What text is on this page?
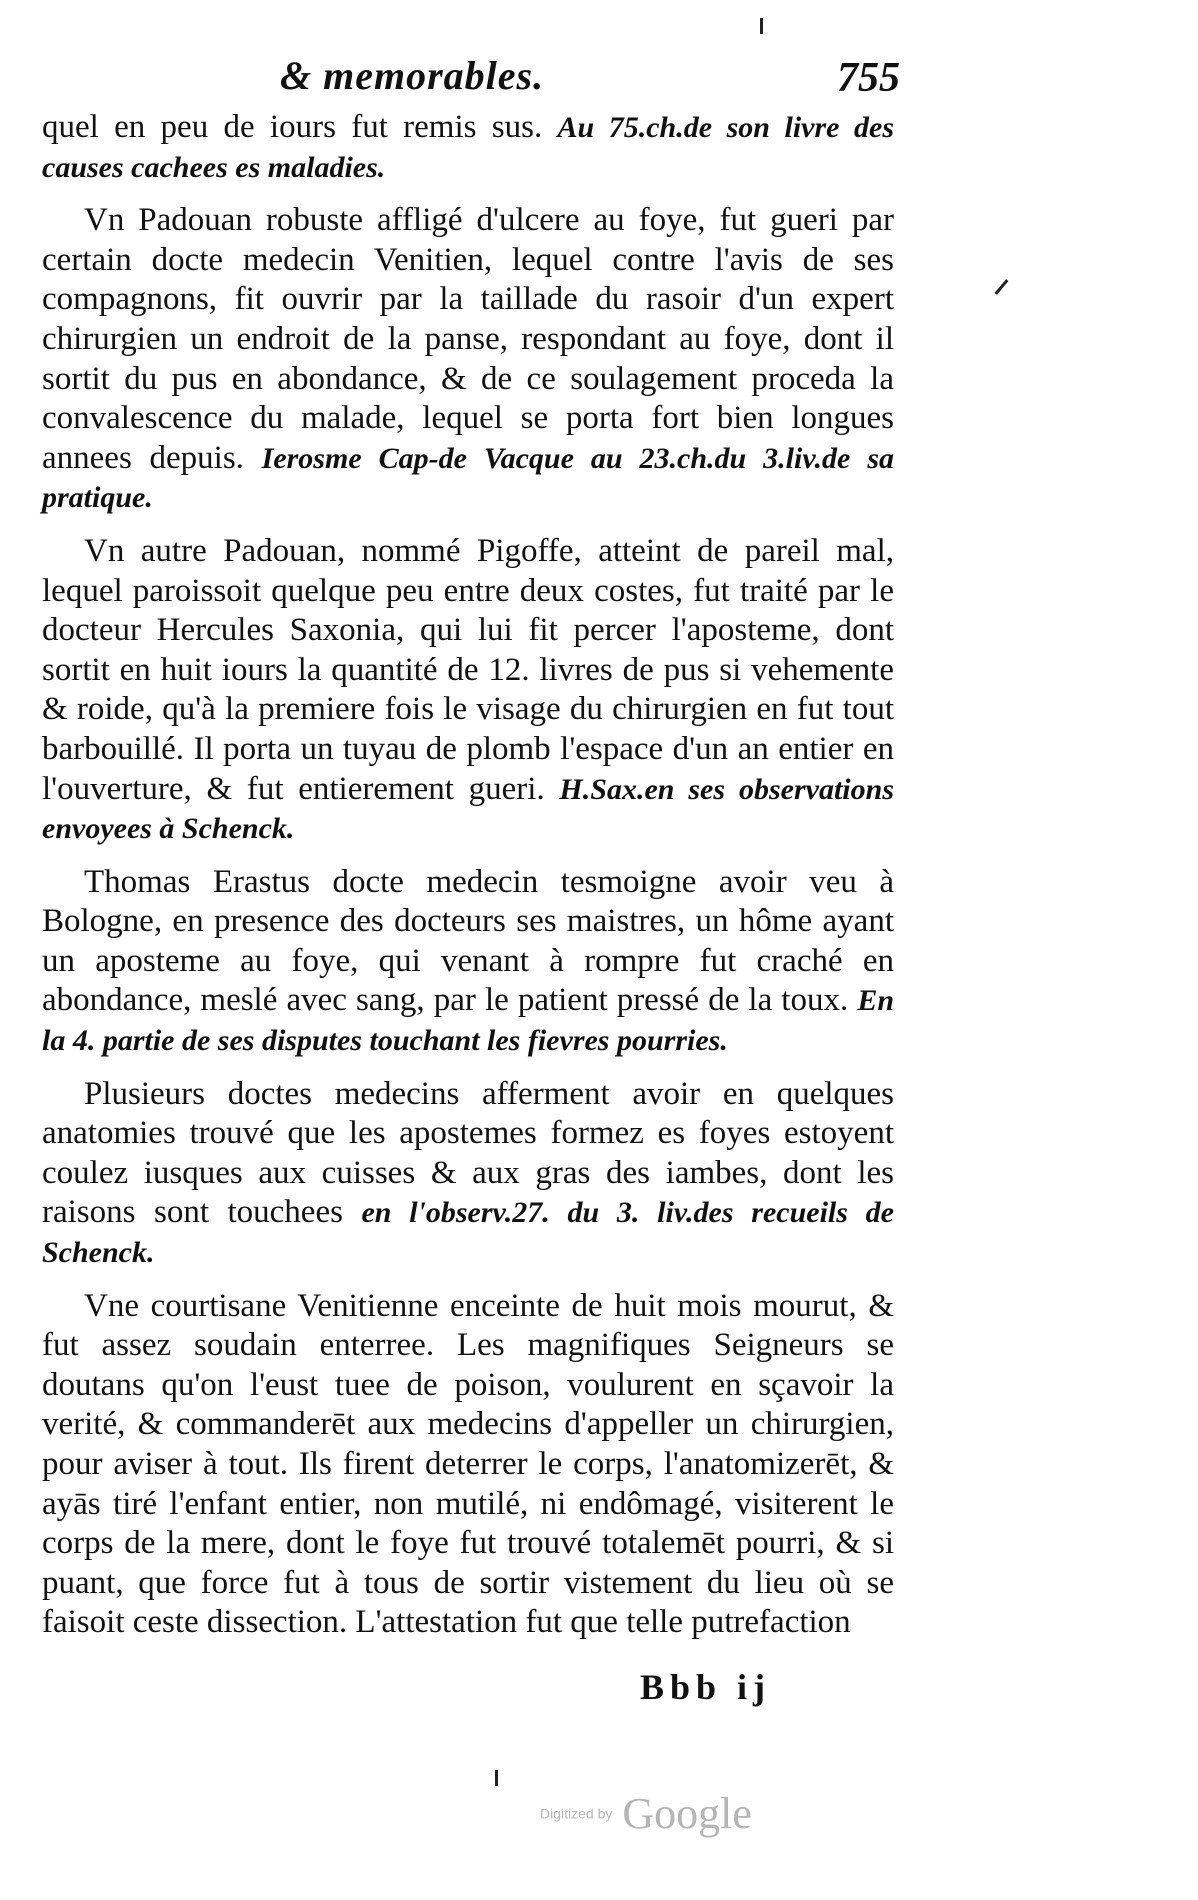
& memorables.	755

quel en peu de iours fut remis sus. Au 75.ch.de son livre des causes cachees es maladies.

Vn Padouan robuste affligé d'ulcere au foye, fut gueri par certain docte medecin Venitien, lequel contre l'avis de ses compagnons, fit ouvrir par la taillade du rasoir d'un expert chirurgien un endroit de la panse, respondant au foye, dont il sortit du pus en abondance, & de ce soulagement proceda la convalescence du malade, lequel se porta fort bien longues annees depuis. Ierosme Cap-de Vacque au 23.ch.du 3.liv.de sa pratique.

Vn autre Padouan, nommé Pigoffe, atteint de pareil mal, lequel paroissoit quelque peu entre deux costes, fut traité par le docteur Hercules Saxonia, qui lui fit percer l'aposteme, dont sortit en huit iours la quantité de 12. livres de pus si vehemente & roide, qu'à la premiere fois le visage du chirurgien en fut tout barbouillé. Il porta un tuyau de plomb l'espace d'un an entier en l'ouverture, & fut entierement gueri. H.Sax.en ses observations envoyees à Schenck.

Thomas Erastus docte medecin tesmoigne avoir veu à Bologne, en presence des docteurs ses maistres, un hôme ayant un aposteme au foye, qui venant à rompre fut craché en abondance, meslé avec sang, par le patient pressé de la toux. En la 4. partie de ses disputes touchant les fievres pourries.

Plusieurs doctes medecins afferment avoir en quelques anatomies trouvé que les apostemes formez es foyes estoyent coulez iusques aux cuisses & aux gras des iambes, dont les raisons sont touchees en l'observ.27. du 3. liv.des recueils de Schenck.

Vne courtisane Venitienne enceinte de huit mois mourut, & fut assez soudain enterree. Les magnifiques Seigneurs se doutans qu'on l'eust tuee de poison, voulurent en sçavoir la verité, & commanderēt aux medecins d'appeller un chirurgien, pour aviser à tout. Ils firent deterrer le corps, l'anatomizerēt, & ayās tiré l'enfant entier, non mutilé, ni endômagé, visiterent le corps de la mere, dont le foye fut trouvé totalemēt pourri, & si puant, que force fut à tous de sortir vistement du lieu où se faisoit ceste dissection. L'attestation fut que telle putrefaction

Bbb ij
Digitized by Google
